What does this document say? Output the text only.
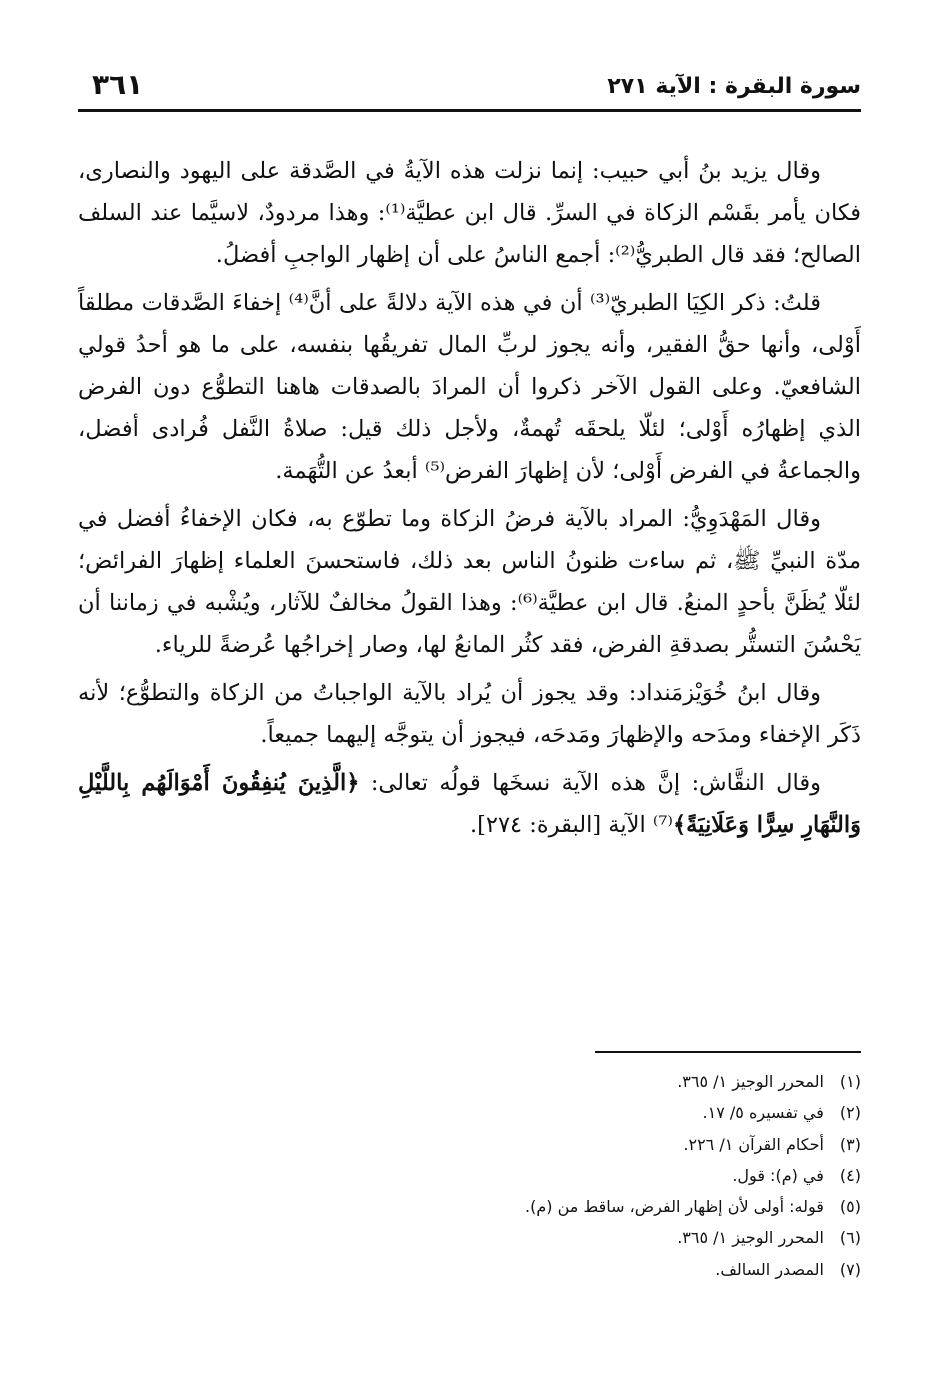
سورة البقرة : الآية ٢٧١
٣٦١

وقال يزيد بنُ أبي حبيب: إنما نزلت هذه الآيةُ في الصَّدقة على اليهود والنصارى، فكان يأمر بقَسْم الزكاة في السرِّ. قال ابن عطيَّة⁽¹⁾: وهذا مردودٌ، لاسيَّما عند السلف الصالح؛ فقد قال الطبريُّ⁽²⁾: أجمع الناسُ على أن إظهار الواجبِ أفضلُ.

قلتُ: ذكر الكِيَا الطبريّ⁽³⁾ أن في هذه الآية دلالةً على أنَّ⁽⁴⁾ إخفاءَ الصَّدقات مطلقاً أَوْلى، وأنها حقُّ الفقير، وأنه يجوز لربِّ المال تفريقُها بنفسه، على ما هو أحدُ قولي الشافعيّ. وعلى القول الآخر ذكروا أن المرادَ بالصدقات هاهنا التطوُّع دون الفرض الذي إظهارُه أَوْلى؛ لئلّا يلحقَه تُهمةٌ، ولأجل ذلك قيل: صلاةُ النَّفل فُرادى أفضل، والجماعةُ في الفرض أَوْلى؛ لأن إظهارَ الفرض⁽⁵⁾ أبعدُ عن التُّهَمة.

وقال المَهْدَوِيُّ: المراد بالآية فرضُ الزكاة وما تطوّع به، فكان الإخفاءُ أفضل في مدّة النبيِّ ﷺ، ثم ساءت ظنونُ الناس بعد ذلك، فاستحسنَ العلماء إظهارَ الفرائض؛ لئلّا يُظَنَّ بأحدٍ المنعُ. قال ابن عطيَّة⁽⁶⁾: وهذا القولُ مخالفٌ للآثار، ويُشْبه في زماننا أن يَحْسُنَ التستُّر بصدقةِ الفرض، فقد كثُر المانعُ لها، وصار إخراجُها عُرضةً للرياء.

وقال ابنُ خُوَيْزمَنداد: وقد يجوز أن يُراد بالآية الواجباتُ من الزكاة والتطوُّع؛ لأنه ذَكَر الإخفاء ومدَحه والإظهارَ ومَدحَه، فيجوز أن يتوجَّه إليهما جميعاً.

وقال النقَّاش: إنَّ هذه الآية نسخَها قولُه تعالى: ﴿الَّذِينَ يُنفِقُونَ أَمْوَالَهُم بِاللَّيْلِ وَالنَّهَارِ سِرًّا وَعَلَانِيَةً﴾⁽⁷⁾ الآية [البقرة: ٢٧٤].

(١) المحرر الوجيز ١/ ٣٦٥.
(٢) في تفسيره ٥/ ١٧.
(٣) أحكام القرآن ١/ ٢٢٦.
(٤) في (م): قول.
(٥) قوله: أولى لأن إظهار الفرض، ساقط من (م).
(٦) المحرر الوجيز ١/ ٣٦٥.
(٧) المصدر السالف.
